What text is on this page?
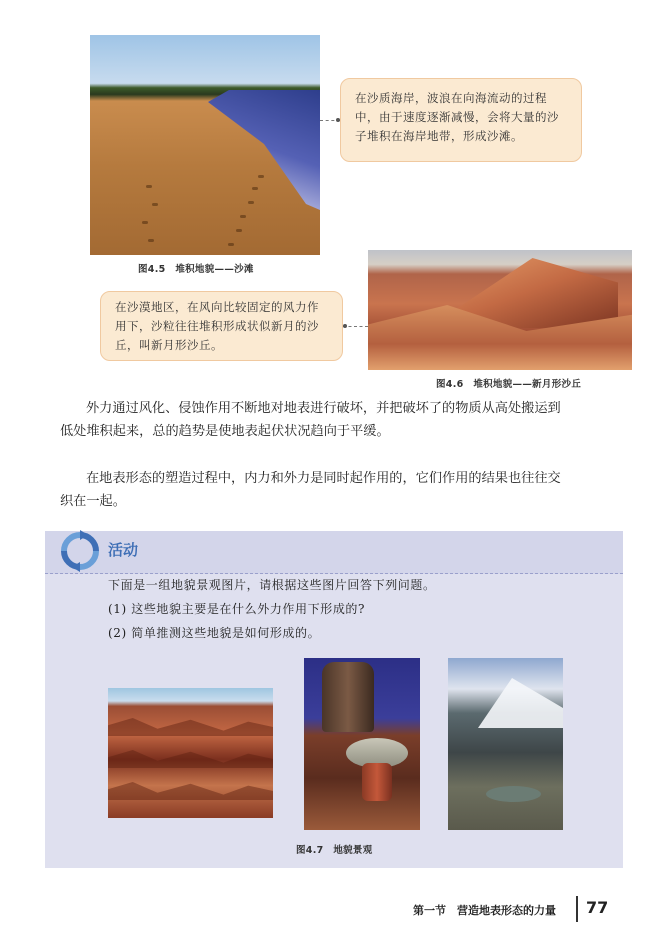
在沙质海岸，波浪在向海流动的过程中，由于速度逐渐减慢，会将大量的沙子堆积在海岸地带，形成沙滩。
图4.5　堆积地貌——沙滩
在沙漠地区，在风向比较固定的风力作用下，沙粒往往堆积形成状似新月的沙丘，叫新月形沙丘。
图4.6　堆积地貌——新月形沙丘
外力通过风化、侵蚀作用不断地对地表进行破坏，并把破坏了的物质从高处搬运到低处堆积起来，总的趋势是使地表起伏状况趋向于平缓。
在地表形态的塑造过程中，内力和外力是同时起作用的，它们作用的结果也往往交织在一起。
活动
下面是一组地貌景观图片，请根据这些图片回答下列问题。
(1) 这些地貌主要是在什么外力作用下形成的?
(2) 简单推测这些地貌是如何形成的。
图4.7　地貌景观
第一节　营造地表形态的力量 77
